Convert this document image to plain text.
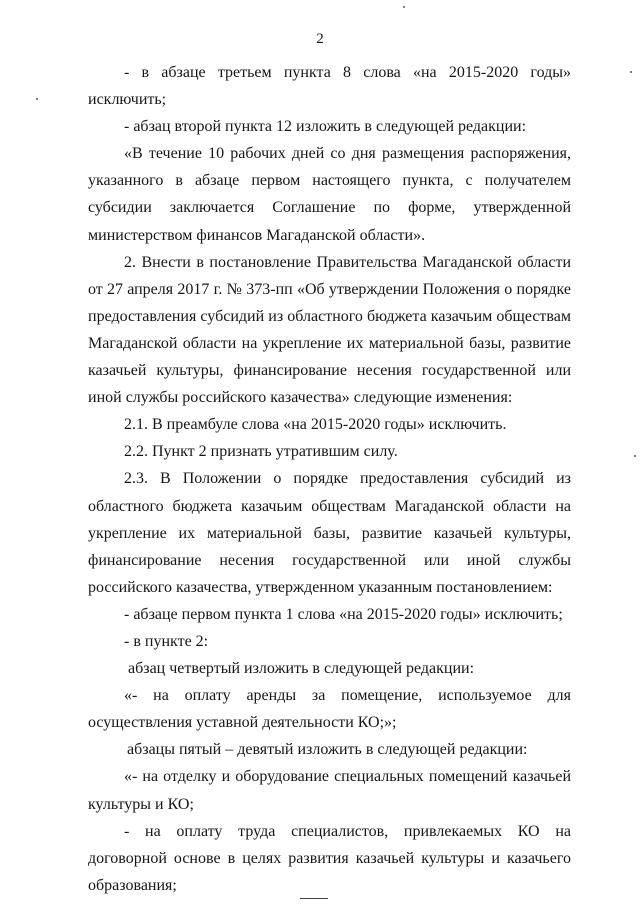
2

- в абзаце третьем пункта 8 слова «на 2015-2020 годы» исключить;

- абзац второй пункта 12 изложить в следующей редакции:

«В течение 10 рабочих дней со дня размещения распоряжения, указанного в абзаце первом настоящего пункта, с получателем субсидии заключается Соглашение по форме, утвержденной министерством финансов Магаданской области».

2. Внести в постановление Правительства Магаданской области от 27 апреля 2017 г. № 373-пп «Об утверждении Положения о порядке предоставления субсидий из областного бюджета казачьим обществам Магаданской области на укрепление их материальной базы, развитие казачьей культуры, финансирование несения государственной или иной службы российского казачества» следующие изменения:

2.1. В преамбуле слова «на 2015-2020 годы» исключить.

2.2. Пункт 2 признать утратившим силу.

2.3. В Положении о порядке предоставления субсидий из областного бюджета казачьим обществам Магаданской области на укрепление их материальной базы, развитие казачьей культуры, финансирование несения государственной или иной службы российского казачества, утвержденном указанным постановлением:

- абзаце первом пункта 1 слова «на 2015-2020 годы» исключить;

- в пункте 2:

абзац четвертый изложить в следующей редакции:

«- на оплату аренды за помещение, используемое для осуществления уставной деятельности КО;»;

абзацы пятый – девятый изложить в следующей редакции:

«- на отделку и оборудование специальных помещений казачьей культуры и КО;

- на оплату труда специалистов, привлекаемых КО на договорной основе в целях развития казачьей культуры и казачьего образования;
